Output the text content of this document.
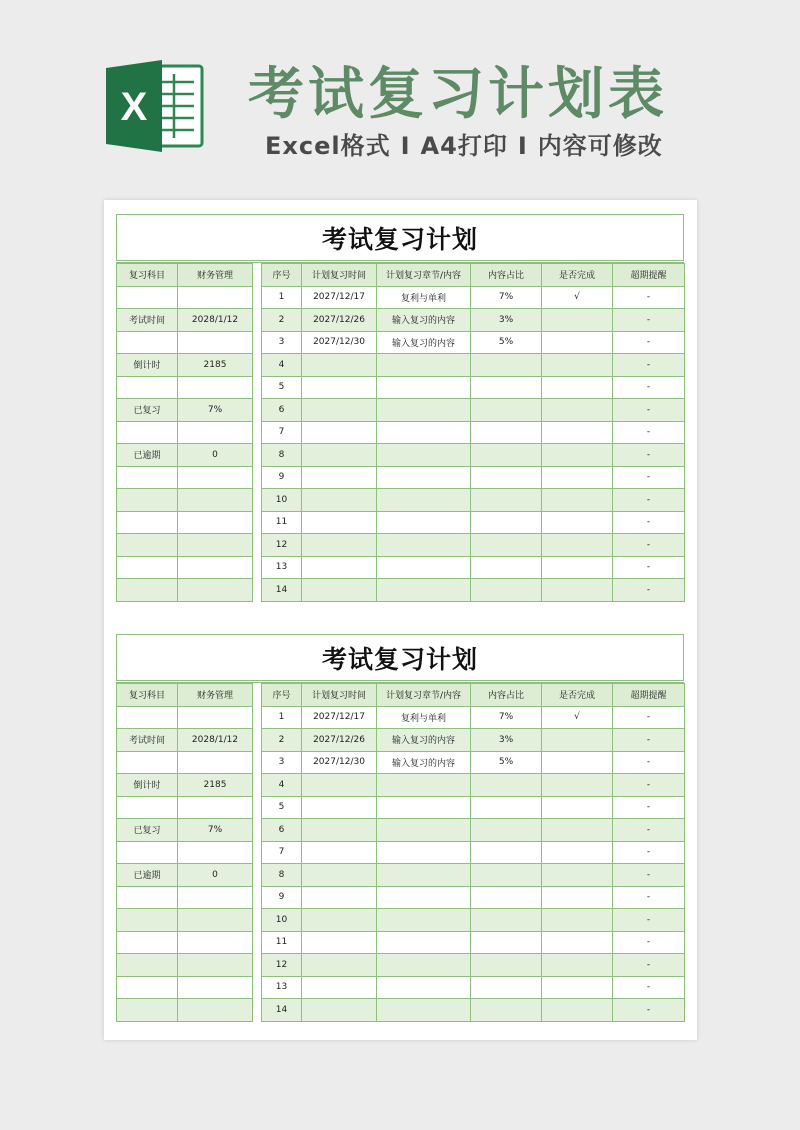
X 考试复习计划表
Excel格式 I A4打印 I 内容可修改
考试复习计划
复习科目	财务管理		序号	计划复习时间	计划复习章节/内容	内容占比	是否完成	超期提醒
			1	2027/12/17	复利与单利	7%	√	-
考试时间	2028/1/12		2	2027/12/26	输入复习的内容	3%		-
			3	2027/12/30	输入复习的内容	5%		-
倒计时	2185		4					-
			5					-
已复习	7%		6					-
			7					-
已逾期	0		8					-
			9					-
			10					-
			11					-
			12					-
			13					-
			14					-
考试复习计划
复习科目	财务管理		序号	计划复习时间	计划复习章节/内容	内容占比	是否完成	超期提醒
			1	2027/12/17	复利与单利	7%	√	-
考试时间	2028/1/12		2	2027/12/26	输入复习的内容	3%		-
			3	2027/12/30	输入复习的内容	5%		-
倒计时	2185		4					-
			5					-
已复习	7%		6					-
			7					-
已逾期	0		8					-
			9					-
			10					-
			11					-
			12					-
			13					-
			14					-
